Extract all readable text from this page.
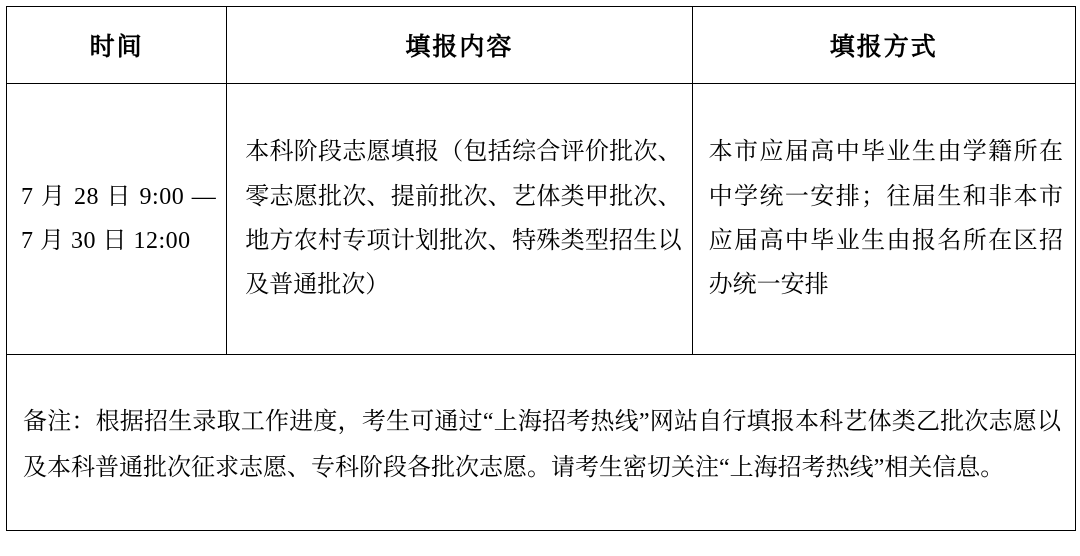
时间	填报内容	填报方式

7 月 28 日 9:00 — 7 月 30 日 12:00	本科阶段志愿填报（包括综合评价批次、零志愿批次、提前批次、艺体类甲批次、地方农村专项计划批次、特殊类型招生以及普通批次）	本市应届高中毕业生由学籍所在中学统一安排；往届生和非本市应届高中毕业生由报名所在区招办统一安排

备注：根据招生录取工作进度，考生可通过“上海招考热线”网站自行填报本科艺体类乙批次志愿以及本科普通批次征求志愿、专科阶段各批次志愿。请考生密切关注“上海招考热线”相关信息。		
